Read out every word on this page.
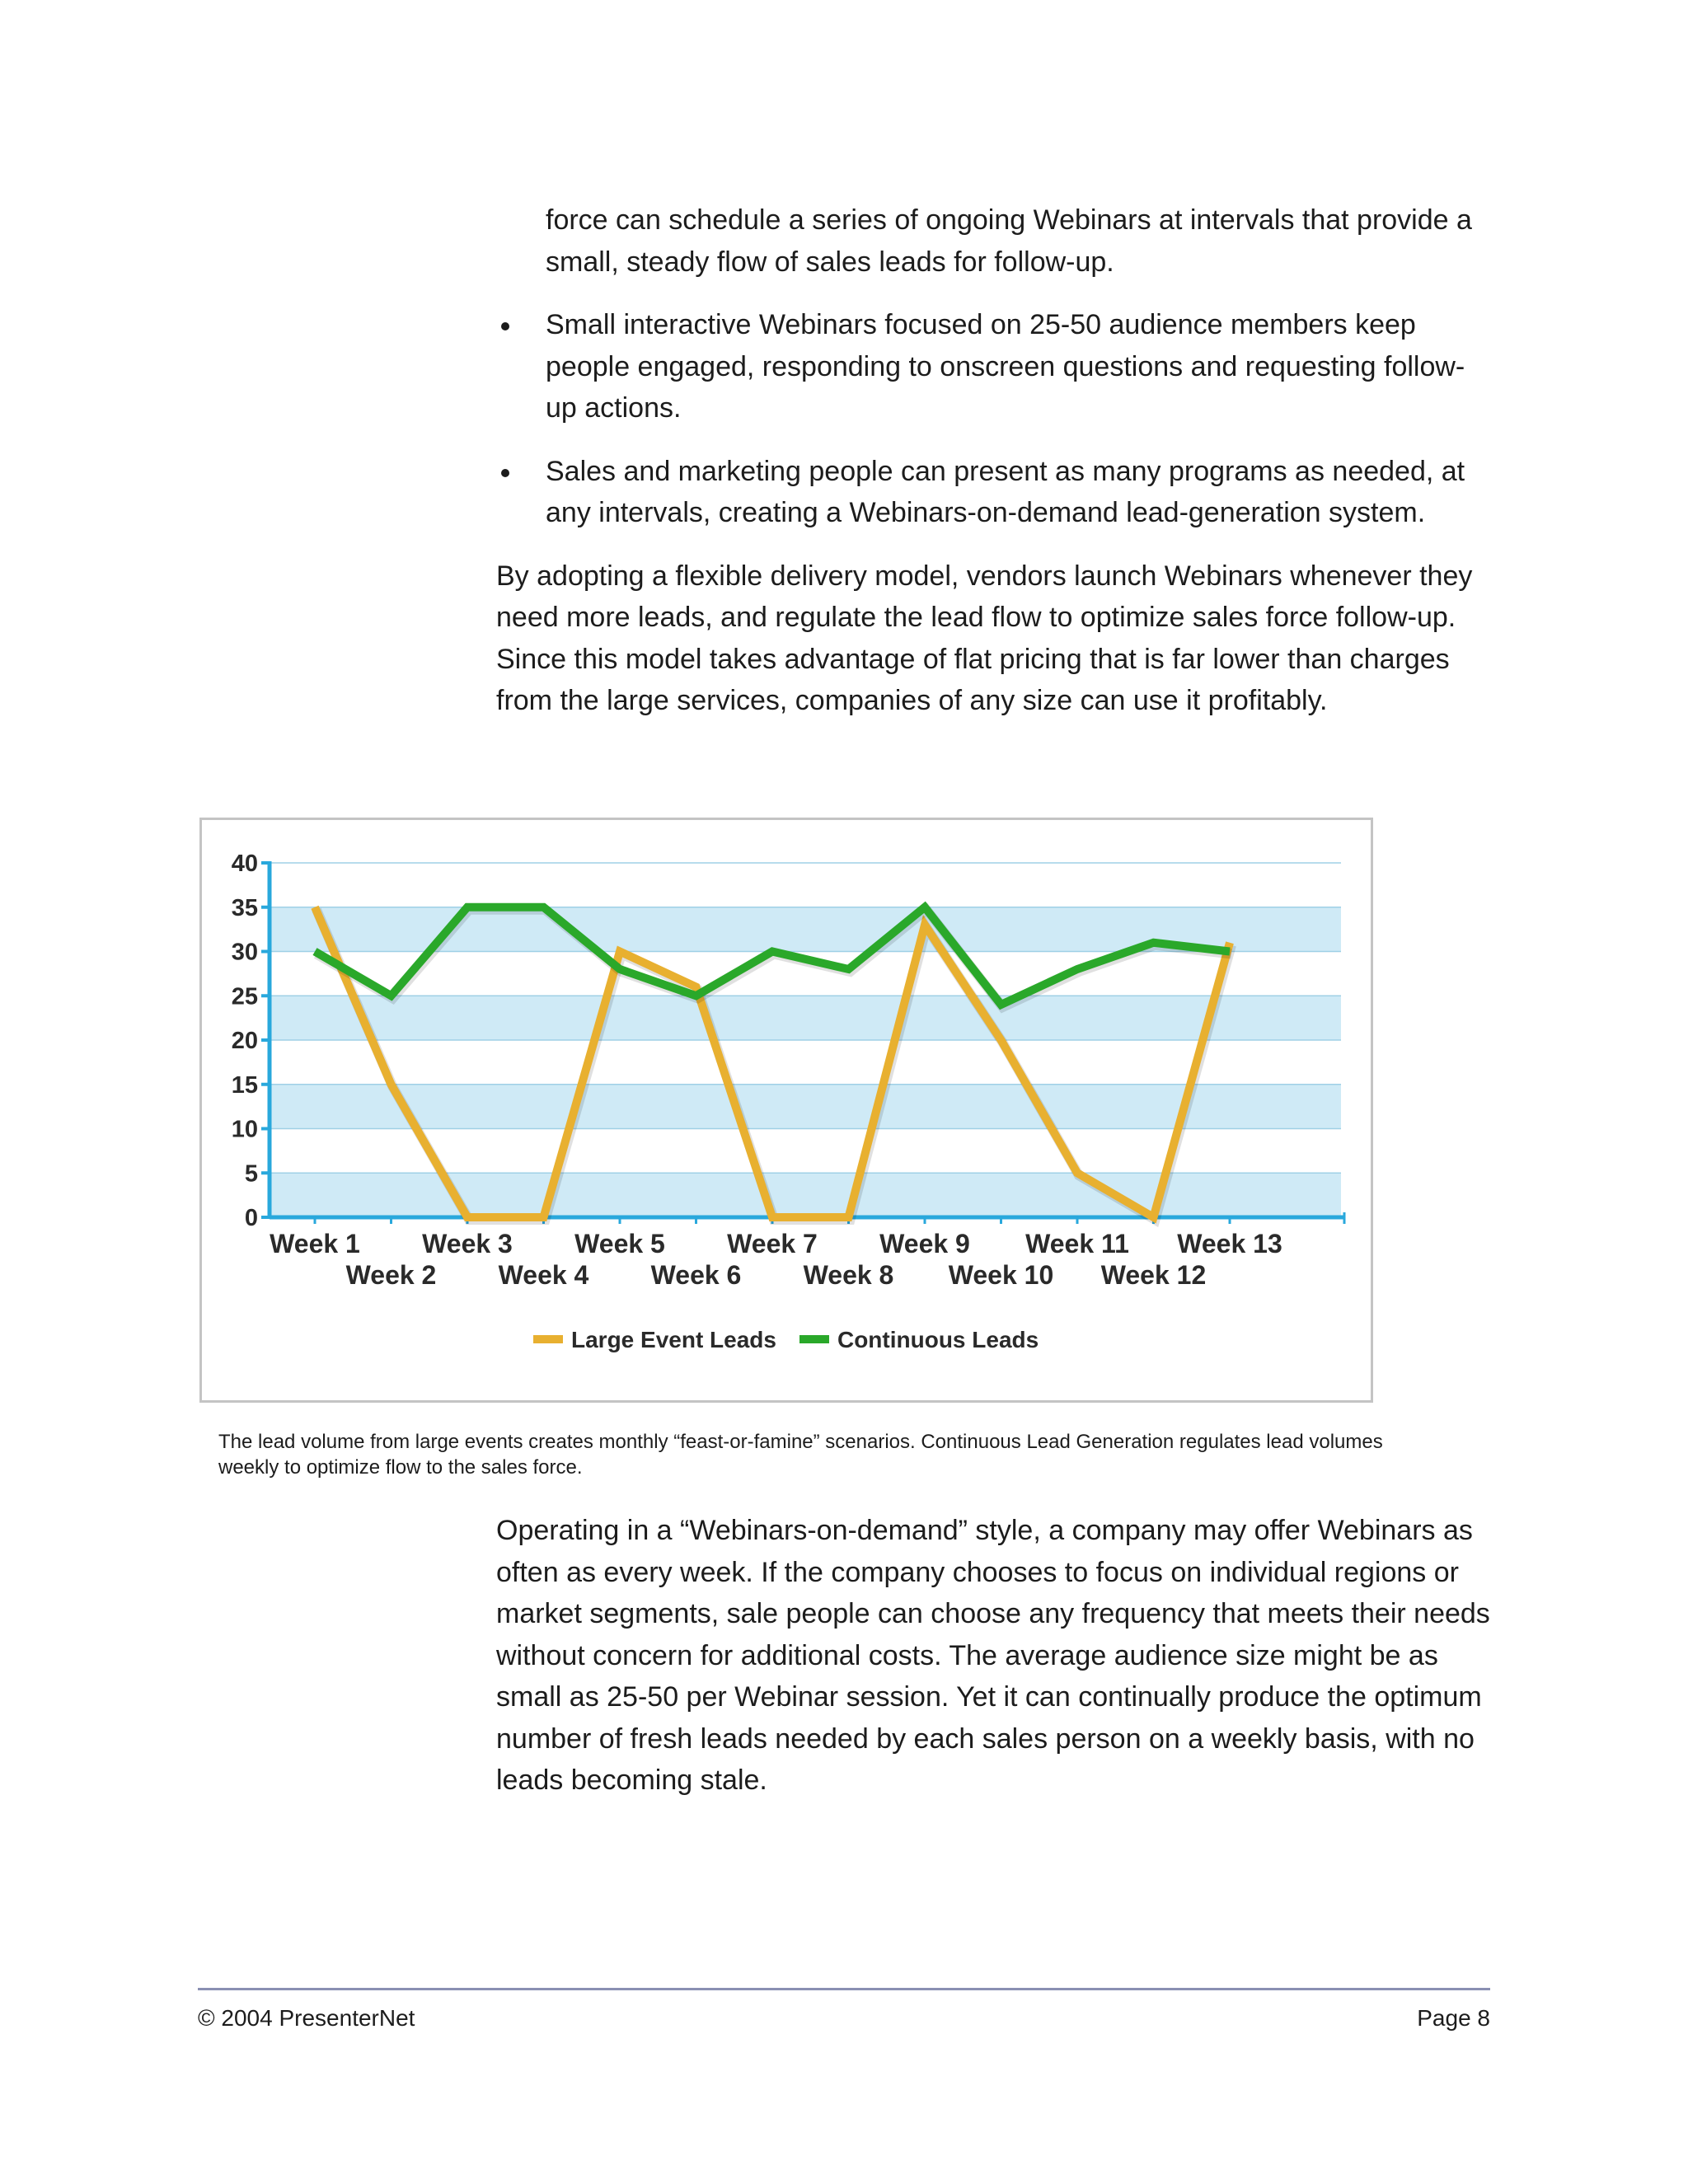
force can schedule a series of ongoing Webinars at intervals that provide a small, steady flow of sales leads for follow-up.

Small interactive Webinars focused on 25-50 audience members keep people engaged, responding to onscreen questions and requesting follow-up actions.
Sales and marketing people can present as many programs as needed, at any intervals, creating a Webinars-on-demand lead-generation system.

By adopting a flexible delivery model, vendors launch Webinars whenever they need more leads, and regulate the lead flow to optimize sales force follow-up. Since this model takes advantage of flat pricing that is far lower than charges from the large services, companies of any size can use it profitably.

0
5
10
15
20
25
30
35
40
Week 1
Week 2
Week 3
Week 4
Week 5
Week 6
Week 7
Week 8
Week 9
Week 10
Week 11
Week 12
Week 13
Large Event Leads	Continuous Leads
The lead volume from large events creates monthly “feast-or-famine” scenarios. Continuous Lead Generation regulates lead volumes weekly to optimize flow to the sales force.

Operating in a “Webinars-on-demand” style, a company may offer Webinars as often as every week. If the company chooses to focus on individual regions or market segments, sale people can choose any frequency that meets their needs without concern for additional costs. The average audience size might be as small as 25-50 per Webinar session. Yet it can continually produce the optimum number of fresh leads needed by each sales person on a weekly basis, with no leads becoming stale.

© 2004 PresenterNet	Page 8
